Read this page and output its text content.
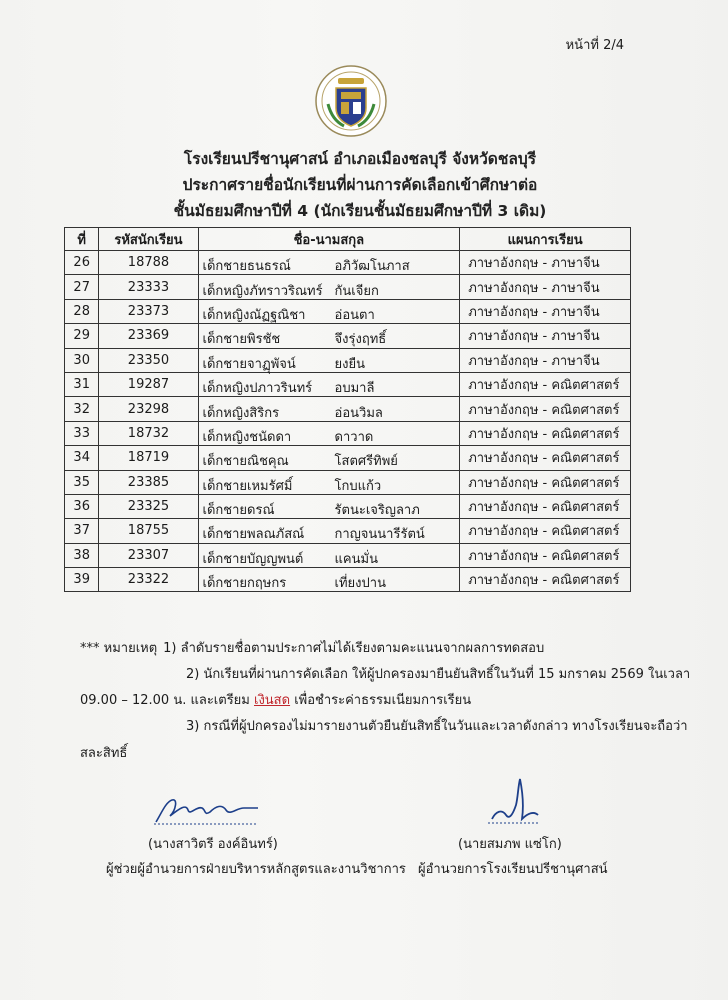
หน้าที่ 2/4
โรงเรียนปรีชานุศาสน์ อำเภอเมืองชลบุรี จังหวัดชลบุรี
ประกาศรายชื่อนักเรียนที่ผ่านการคัดเลือกเข้าศึกษาต่อ
ชั้นมัธยมศึกษาปีที่ 4 (นักเรียนชั้นมัธยมศึกษาปีที่ 3 เดิม)
ที่	รหัสนักเรียน	ชื่อ-นามสกุล	แผนการเรียน
26	18788	เด็กชายธนธรณ์ อภิวัฒโนภาส	ภาษาอังกฤษ - ภาษาจีน
27	23333	เด็กหญิงภัทราวริณทร์ กันเจียก	ภาษาอังกฤษ - ภาษาจีน
28	23373	เด็กหญิงณัฏฐณิชา อ่อนตา	ภาษาอังกฤษ - ภาษาจีน
29	23369	เด็กชายพิรชัช จึงรุ่งฤทธิ์	ภาษาอังกฤษ - ภาษาจีน
30	23350	เด็กชายจาฏุพัจน์ ยงยืน	ภาษาอังกฤษ - ภาษาจีน
31	19287	เด็กหญิงปภาวรินทร์ อบมาลี	ภาษาอังกฤษ - คณิตศาสตร์
32	23298	เด็กหญิงสิริกร อ่อนวิมล	ภาษาอังกฤษ - คณิตศาสตร์
33	18732	เด็กหญิงชนัดดา ดาวาด	ภาษาอังกฤษ - คณิตศาสตร์
34	18719	เด็กชายณิชคุณ โสตศรีทิพย์	ภาษาอังกฤษ - คณิตศาสตร์
35	23385	เด็กชายเหมรัศมิ์ โกบแก้ว	ภาษาอังกฤษ - คณิตศาสตร์
36	23325	เด็กชายดรณ์ รัตนะเจริญลาภ	ภาษาอังกฤษ - คณิตศาสตร์
37	18755	เด็กชายพลณภัสณ์ กาญจนนารีรัตน์	ภาษาอังกฤษ - คณิตศาสตร์
38	23307	เด็กชายบัญญพนต์ แคนมั่น	ภาษาอังกฤษ - คณิตศาสตร์
39	23322	เด็กชายกฤษกร เที่ยงปาน	ภาษาอังกฤษ - คณิตศาสตร์
*** หมายเหตุ 1) ลำดับรายชื่อตามประกาศไม่ได้เรียงตามคะแนนจากผลการทดสอบ
2) นักเรียนที่ผ่านการคัดเลือก ให้ผู้ปกครองมายืนยันสิทธิ์ในวันที่ 15 มกราคม 2569 ในเวลา
09.00 – 12.00 น. และเตรียม เงินสด เพื่อชำระค่าธรรมเนียมการเรียน
3) กรณีที่ผู้ปกครองไม่มารายงานตัวยืนยันสิทธิ์ในวันและเวลาดังกล่าว ทางโรงเรียนจะถือว่า
สละสิทธิ์
(นางสาวิตรี องค์อินทร์)	(นายสมภพ แซ่โก)
ผู้ช่วยผู้อำนวยการฝ่ายบริหารหลักสูตรและงานวิชาการ ผู้อำนวยการโรงเรียนปรีชานุศาสน์
